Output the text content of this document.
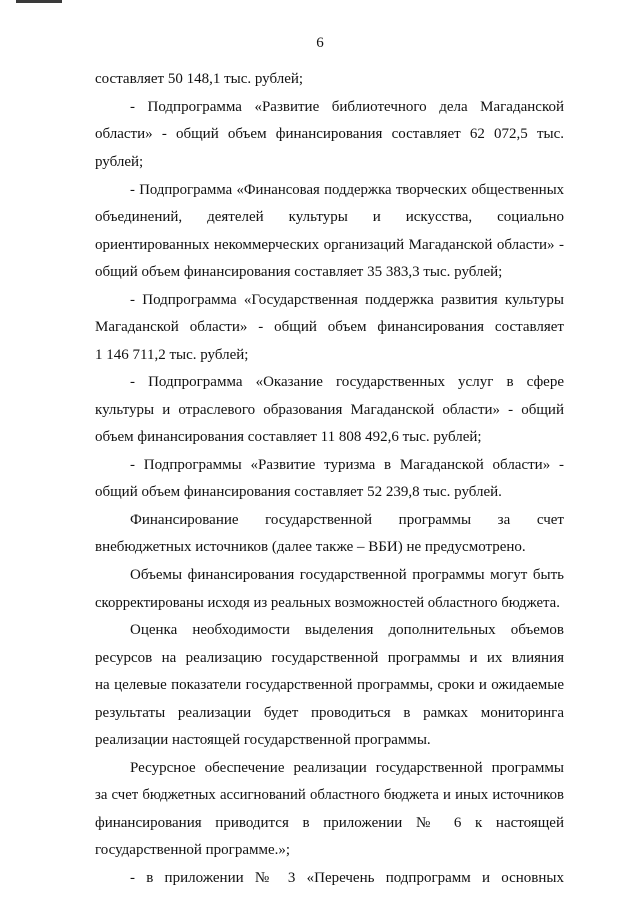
6
составляет 50 148,1 тыс. рублей;
- Подпрограмма «Развитие библиотечного дела Магаданской
области» - общий объем финансирования составляет 62 072,5 тыс.
рублей;
- Подпрограмма «Финансовая поддержка творческих общественных
объединений, деятелей культуры и искусства, социально
ориентированных некоммерческих организаций Магаданской области» -
общий объем финансирования составляет 35 383,3 тыс. рублей;
- Подпрограмма «Государственная поддержка развития культуры
Магаданской области» - общий объем финансирования составляет
1 146 711,2 тыс. рублей;
- Подпрограмма «Оказание государственных услуг в сфере
культуры и отраслевого образования Магаданской области» - общий
объем финансирования составляет 11 808 492,6 тыс. рублей;
- Подпрограммы «Развитие туризма в Магаданской области» -
общий объем финансирования составляет 52 239,8 тыс. рублей.
Финансирование государственной программы за счет
внебюджетных источников (далее также – ВБИ) не предусмотрено.
Объемы финансирования государственной программы могут быть
скорректированы исходя из реальных возможностей областного бюджета.
Оценка необходимости выделения дополнительных объемов
ресурсов на реализацию государственной программы и их влияния
на целевые показатели государственной программы, сроки и ожидаемые
результаты реализации будет проводиться в рамках мониторинга
реализации настоящей государственной программы.
Ресурсное обеспечение реализации государственной программы
за счет бюджетных ассигнований областного бюджета и иных источников
финансирования приводится в приложении № 6 к настоящей
государственной программе.»;
- в приложении № 3 «Перечень подпрограмм и основных
